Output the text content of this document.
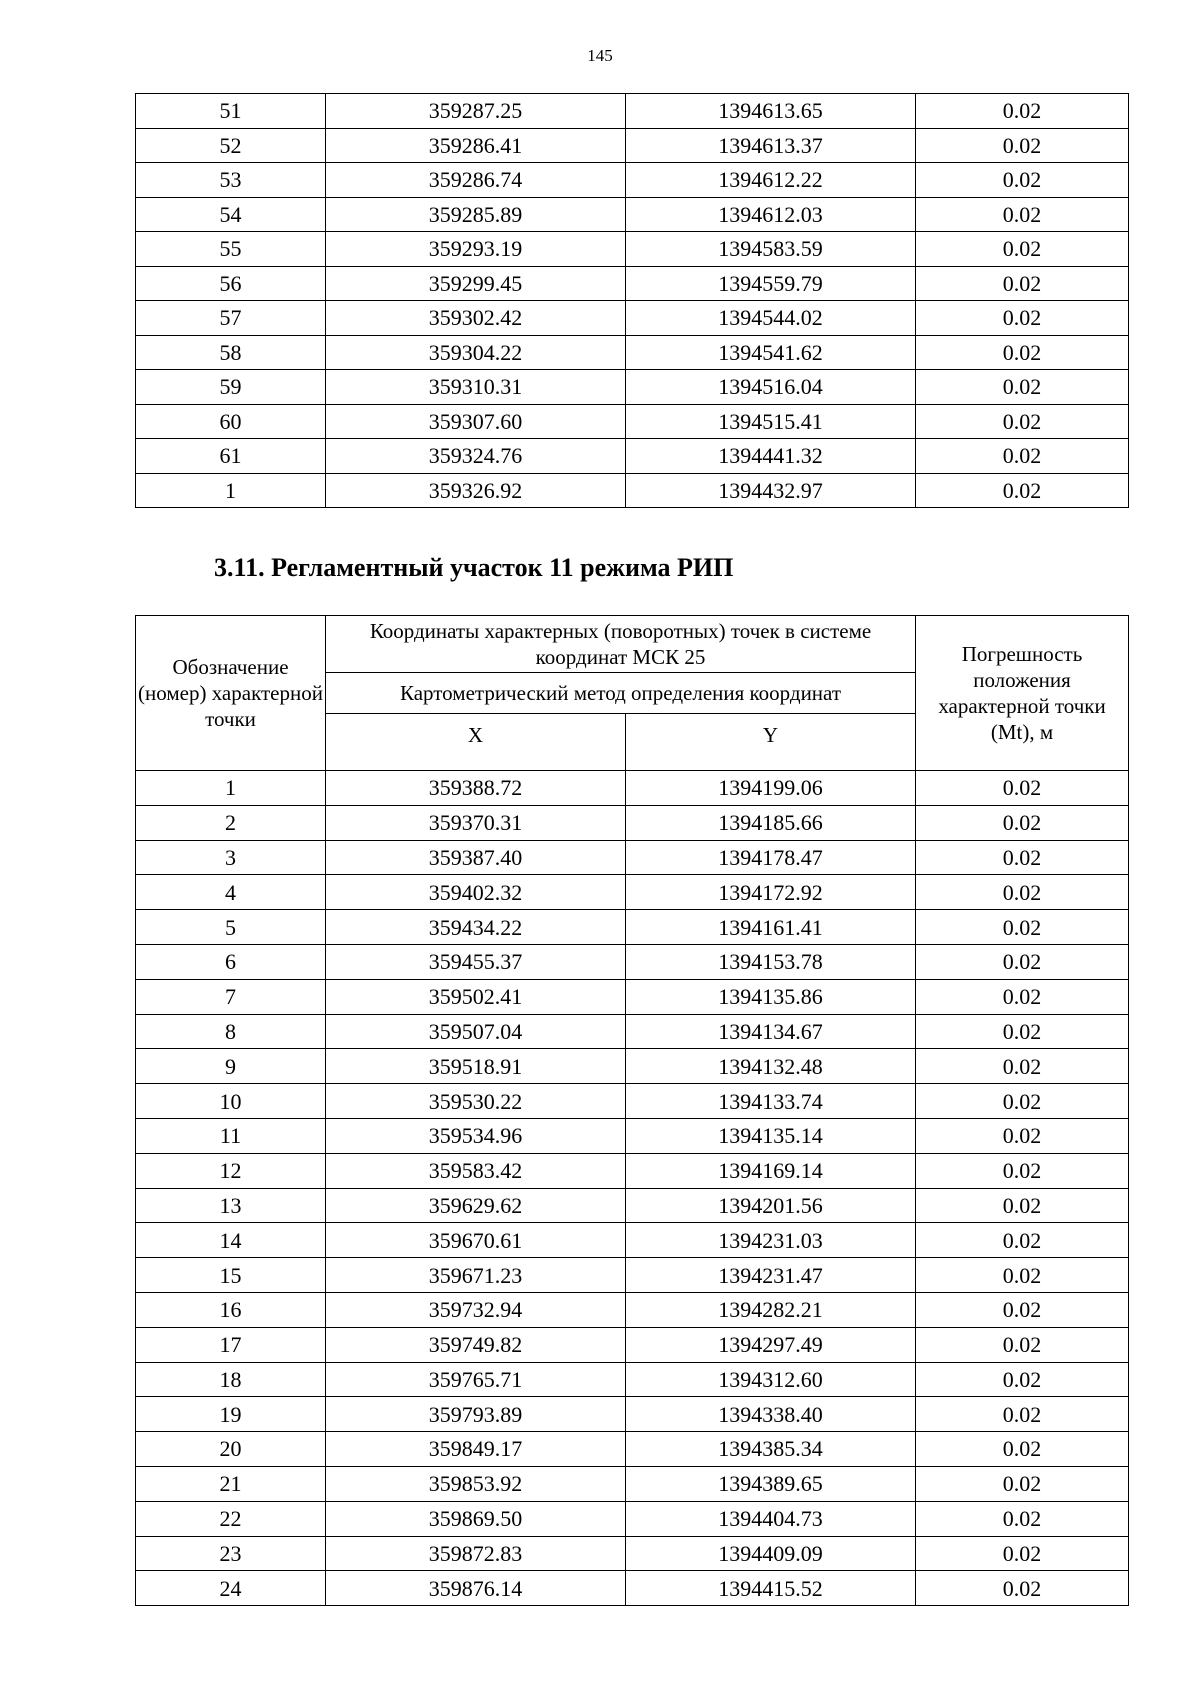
145
51	359287.25	1394613.65	0.02
52	359286.41	1394613.37	0.02
53	359286.74	1394612.22	0.02
54	359285.89	1394612.03	0.02
55	359293.19	1394583.59	0.02
56	359299.45	1394559.79	0.02
57	359302.42	1394544.02	0.02
58	359304.22	1394541.62	0.02
59	359310.31	1394516.04	0.02
60	359307.60	1394515.41	0.02
61	359324.76	1394441.32	0.02
1	359326.92	1394432.97	0.02
3.11. Регламентный участок 11 режима РИП
Обозначение (номер) характерной точки	Координаты характерных (поворотных) точек в системе координат МСК 25		Погрешность положения характерной точки (Mt), м
	Картометрический метод определения координат		
	X	Y	
1	359388.72	1394199.06	0.02
2	359370.31	1394185.66	0.02
3	359387.40	1394178.47	0.02
4	359402.32	1394172.92	0.02
5	359434.22	1394161.41	0.02
6	359455.37	1394153.78	0.02
7	359502.41	1394135.86	0.02
8	359507.04	1394134.67	0.02
9	359518.91	1394132.48	0.02
10	359530.22	1394133.74	0.02
11	359534.96	1394135.14	0.02
12	359583.42	1394169.14	0.02
13	359629.62	1394201.56	0.02
14	359670.61	1394231.03	0.02
15	359671.23	1394231.47	0.02
16	359732.94	1394282.21	0.02
17	359749.82	1394297.49	0.02
18	359765.71	1394312.60	0.02
19	359793.89	1394338.40	0.02
20	359849.17	1394385.34	0.02
21	359853.92	1394389.65	0.02
22	359869.50	1394404.73	0.02
23	359872.83	1394409.09	0.02
24	359876.14	1394415.52	0.02
